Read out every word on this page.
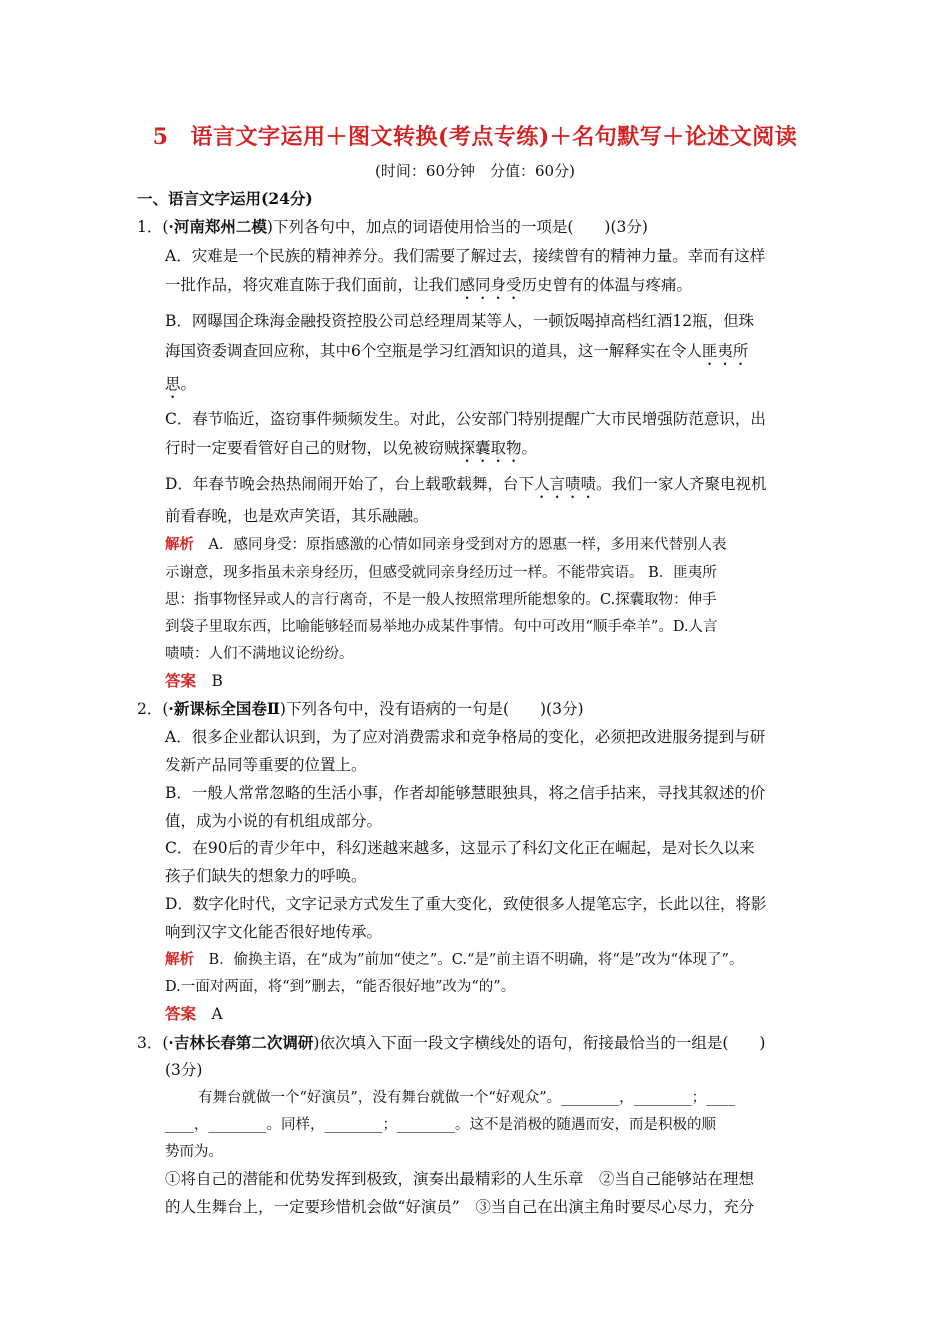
5 语言文字运用＋图文转换(考点专练)＋名句默写＋论述文阅读
(时间：60分钟　分值：60分)
一、语言文字运用(24分)
1．(·河南郑州二模)下列各句中，加点的词语使用恰当的一项是(　　)(3分)
A．灾难是一个民族的精神养分。我们需要了解过去，接续曾有的精神力量。幸而有这样
一批作品，将灾难直陈于我们面前，让我们感同身受历史曾有的体温与疼痛。
B．网曝国企珠海金融投资控股公司总经理周某等人，一顿饭喝掉高档红酒12瓶，但珠
海国资委调查回应称，其中6个空瓶是学习红酒知识的道具，这一解释实在令人匪夷所
思。
C．春节临近，盗窃事件频频发生。对此，公安部门特别提醒广大市民增强防范意识，出
行时一定要看管好自己的财物，以免被窃贼探囊取物。
D．年春节晚会热热闹闹开始了，台上载歌载舞，台下人言啧啧。我们一家人齐聚电视机
前看春晚，也是欢声笑语，其乐融融。
解析　A．感同身受：原指感激的心情如同亲身受到对方的恩惠一样，多用来代替别人表
示谢意，现多指虽未亲身经历，但感受就同亲身经历过一样。不能带宾语。 B．匪夷所
思：指事物怪异或人的言行离奇，不是一般人按照常理所能想象的。C.探囊取物：伸手
到袋子里取东西，比喻能够轻而易举地办成某件事情。句中可改用“顺手牵羊”。D.人言
啧啧：人们不满地议论纷纷。
答案　B
2．(·新课标全国卷Ⅱ)下列各句中，没有语病的一句是(　　)(3分)
A．很多企业都认识到，为了应对消费需求和竞争格局的变化，必须把改进服务提到与研
发新产品同等重要的位置上。
B．一般人常常忽略的生活小事，作者却能够慧眼独具，将之信手拈来，寻找其叙述的价
值，成为小说的有机组成部分。
C．在90后的青少年中，科幻迷越来越多，这显示了科幻文化正在崛起，是对长久以来
孩子们缺失的想象力的呼唤。
D．数字化时代，文字记录方式发生了重大变化，致使很多人提笔忘字，长此以往，将影
响到汉字文化能否很好地传承。
解析　B．偷换主语，在“成为”前加“使之”。C.“是”前主语不明确，将“是”改为“体现了”。
D.一面对两面，将“到”删去，“能否很好地”改为“的”。
答案　A
3．(·吉林长春第二次调研)依次填入下面一段文字横线处的语句，衔接最恰当的一组是(　　)
(3分)
有舞台就做一个“好演员”，没有舞台就做一个“好观众”。________，________；____
____，________。同样，________；________。这不是消极的随遇而安，而是积极的顺
势而为。
①将自己的潜能和优势发挥到极致，演奏出最精彩的人生乐章　②当自己能够站在理想
的人生舞台上，一定要珍惜机会做“好演员”　③当自己在出演主角时要尽心尽力，充分
